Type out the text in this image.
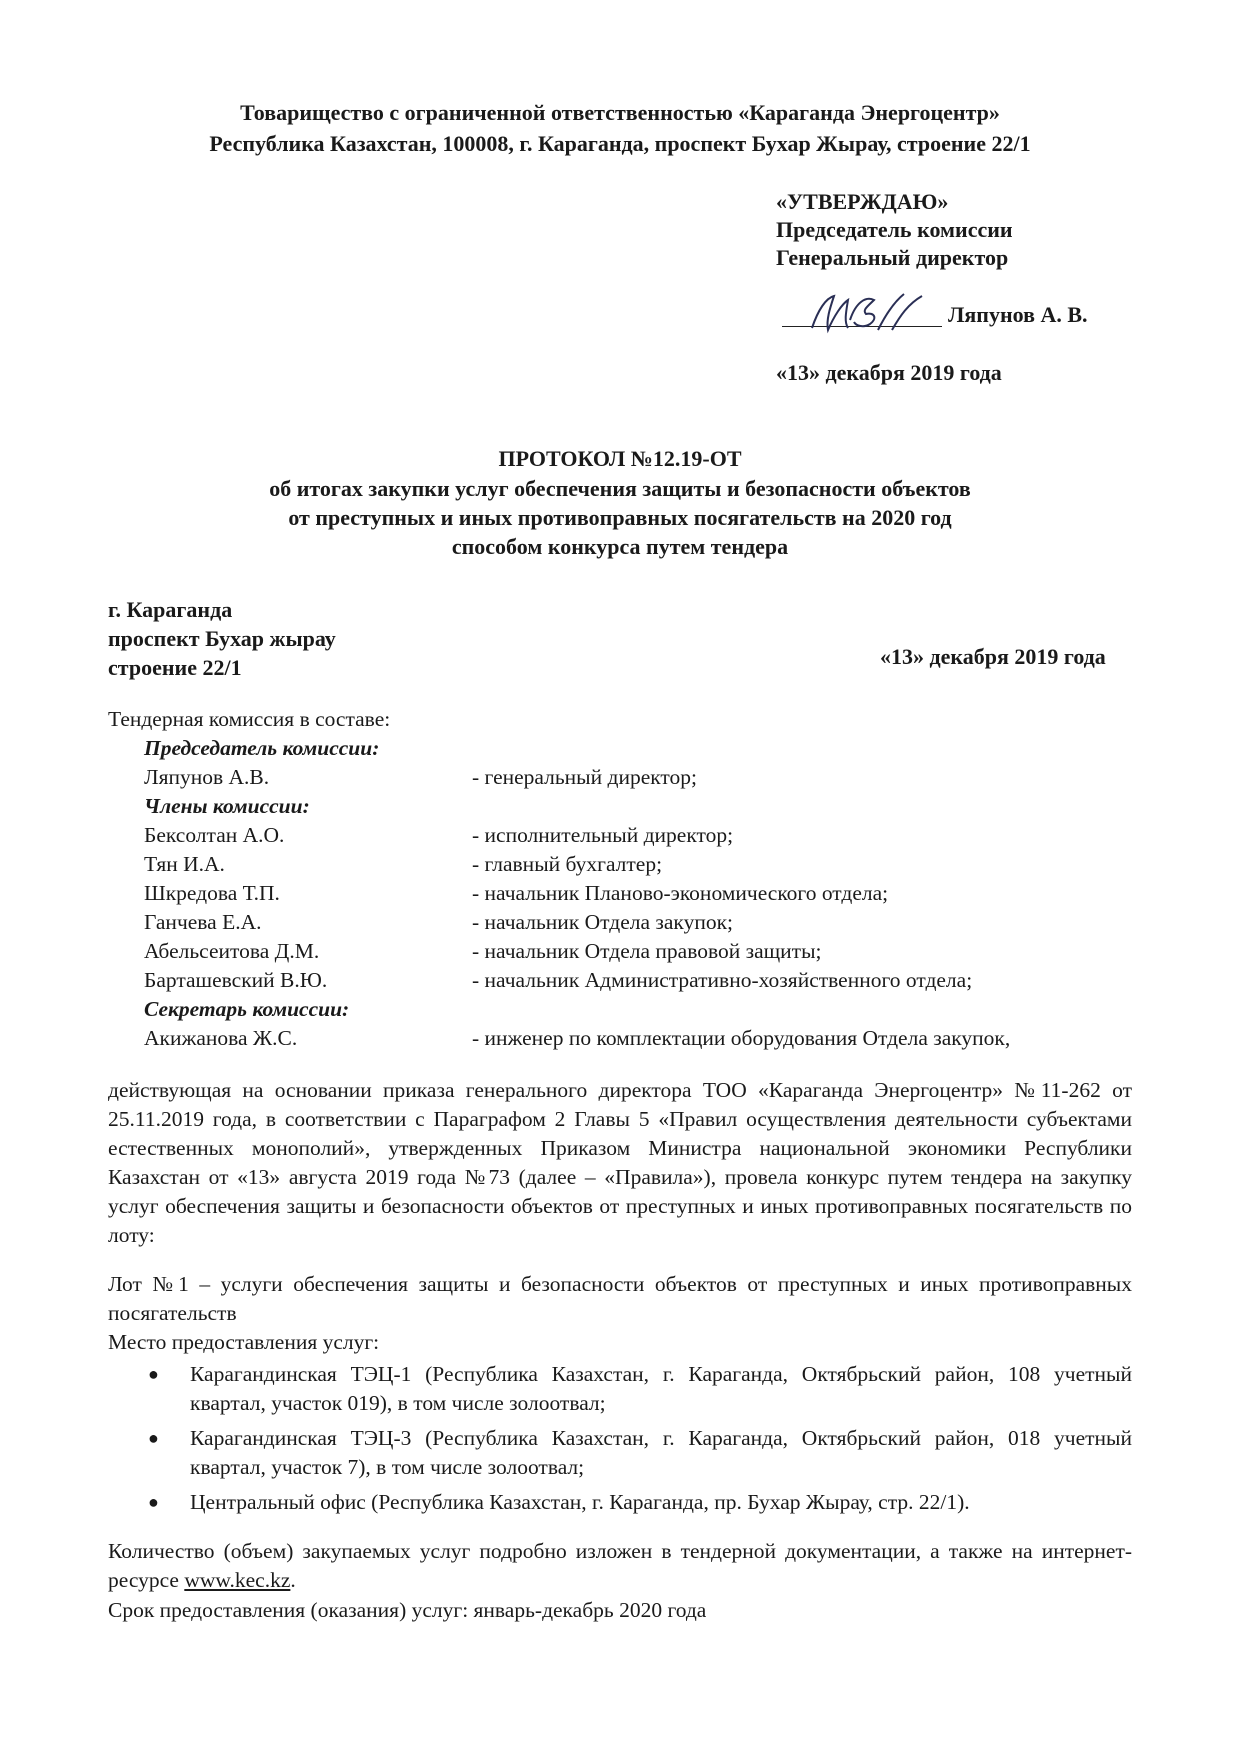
Товарищество с ограниченной ответственностью «Караганда Энергоцентр»
Республика Казахстан, 100008, г. Караганда, проспект Бухар Жырау, строение 22/1
«УТВЕРЖДАЮ»
Председатель комиссии
Генеральный директор
Ляпунов А. В.
«13» декабря 2019 года
ПРОТОКОЛ №12.19-ОТ
об итогах закупки услуг обеспечения защиты и безопасности объектов
от преступных и иных противоправных посягательств на 2020 год
способом конкурса путем тендера
г. Караганда
проспект Бухар жырау
строение 22/1	«13» декабря 2019 года
Тендерная комиссия в составе:
Председатель комиссии:
Ляпунов А.В.	- генеральный директор;
Члены комиссии:
Бексолтан А.О.	- исполнительный директор;
Тян И.А.	- главный бухгалтер;
Шкредова Т.П.	- начальник Планово-экономического отдела;
Ганчева Е.А.	- начальник Отдела закупок;
Абельсеитова Д.М.	- начальник Отдела правовой защиты;
Барташевский В.Ю.	- начальник Административно-хозяйственного отдела;
Секретарь комиссии:
Акижанова Ж.С.	- инженер по комплектации оборудования Отдела закупок,
действующая на основании приказа генерального директора ТОО «Караганда Энергоцентр» №11-262 от 25.11.2019 года, в соответствии с Параграфом 2 Главы 5 «Правил осуществления деятельности субъектами естественных монополий», утвержденных Приказом Министра национальной экономики Республики Казахстан от «13» августа 2019 года №73 (далее – «Правила»), провела конкурс путем тендера на закупку услуг обеспечения защиты и безопасности объектов от преступных и иных противоправных посягательств по лоту:
Лот №1 – услуги обеспечения защиты и безопасности объектов от преступных и иных противоправных посягательств
Место предоставления услуг:
● Карагандинская ТЭЦ-1 (Республика Казахстан, г. Караганда, Октябрьский район, 108 учетный квартал, участок 019), в том числе золоотвал;
● Карагандинская ТЭЦ-3 (Республика Казахстан, г. Караганда, Октябрьский район, 018 учетный квартал, участок 7), в том числе золоотвал;
● Центральный офис (Республика Казахстан, г. Караганда, пр. Бухар Жырау, стр. 22/1).
Количество (объем) закупаемых услуг подробно изложен в тендерной документации, а также на интернет-ресурсе www.kec.kz.
Срок предоставления (оказания) услуг: январь-декабрь 2020 года
